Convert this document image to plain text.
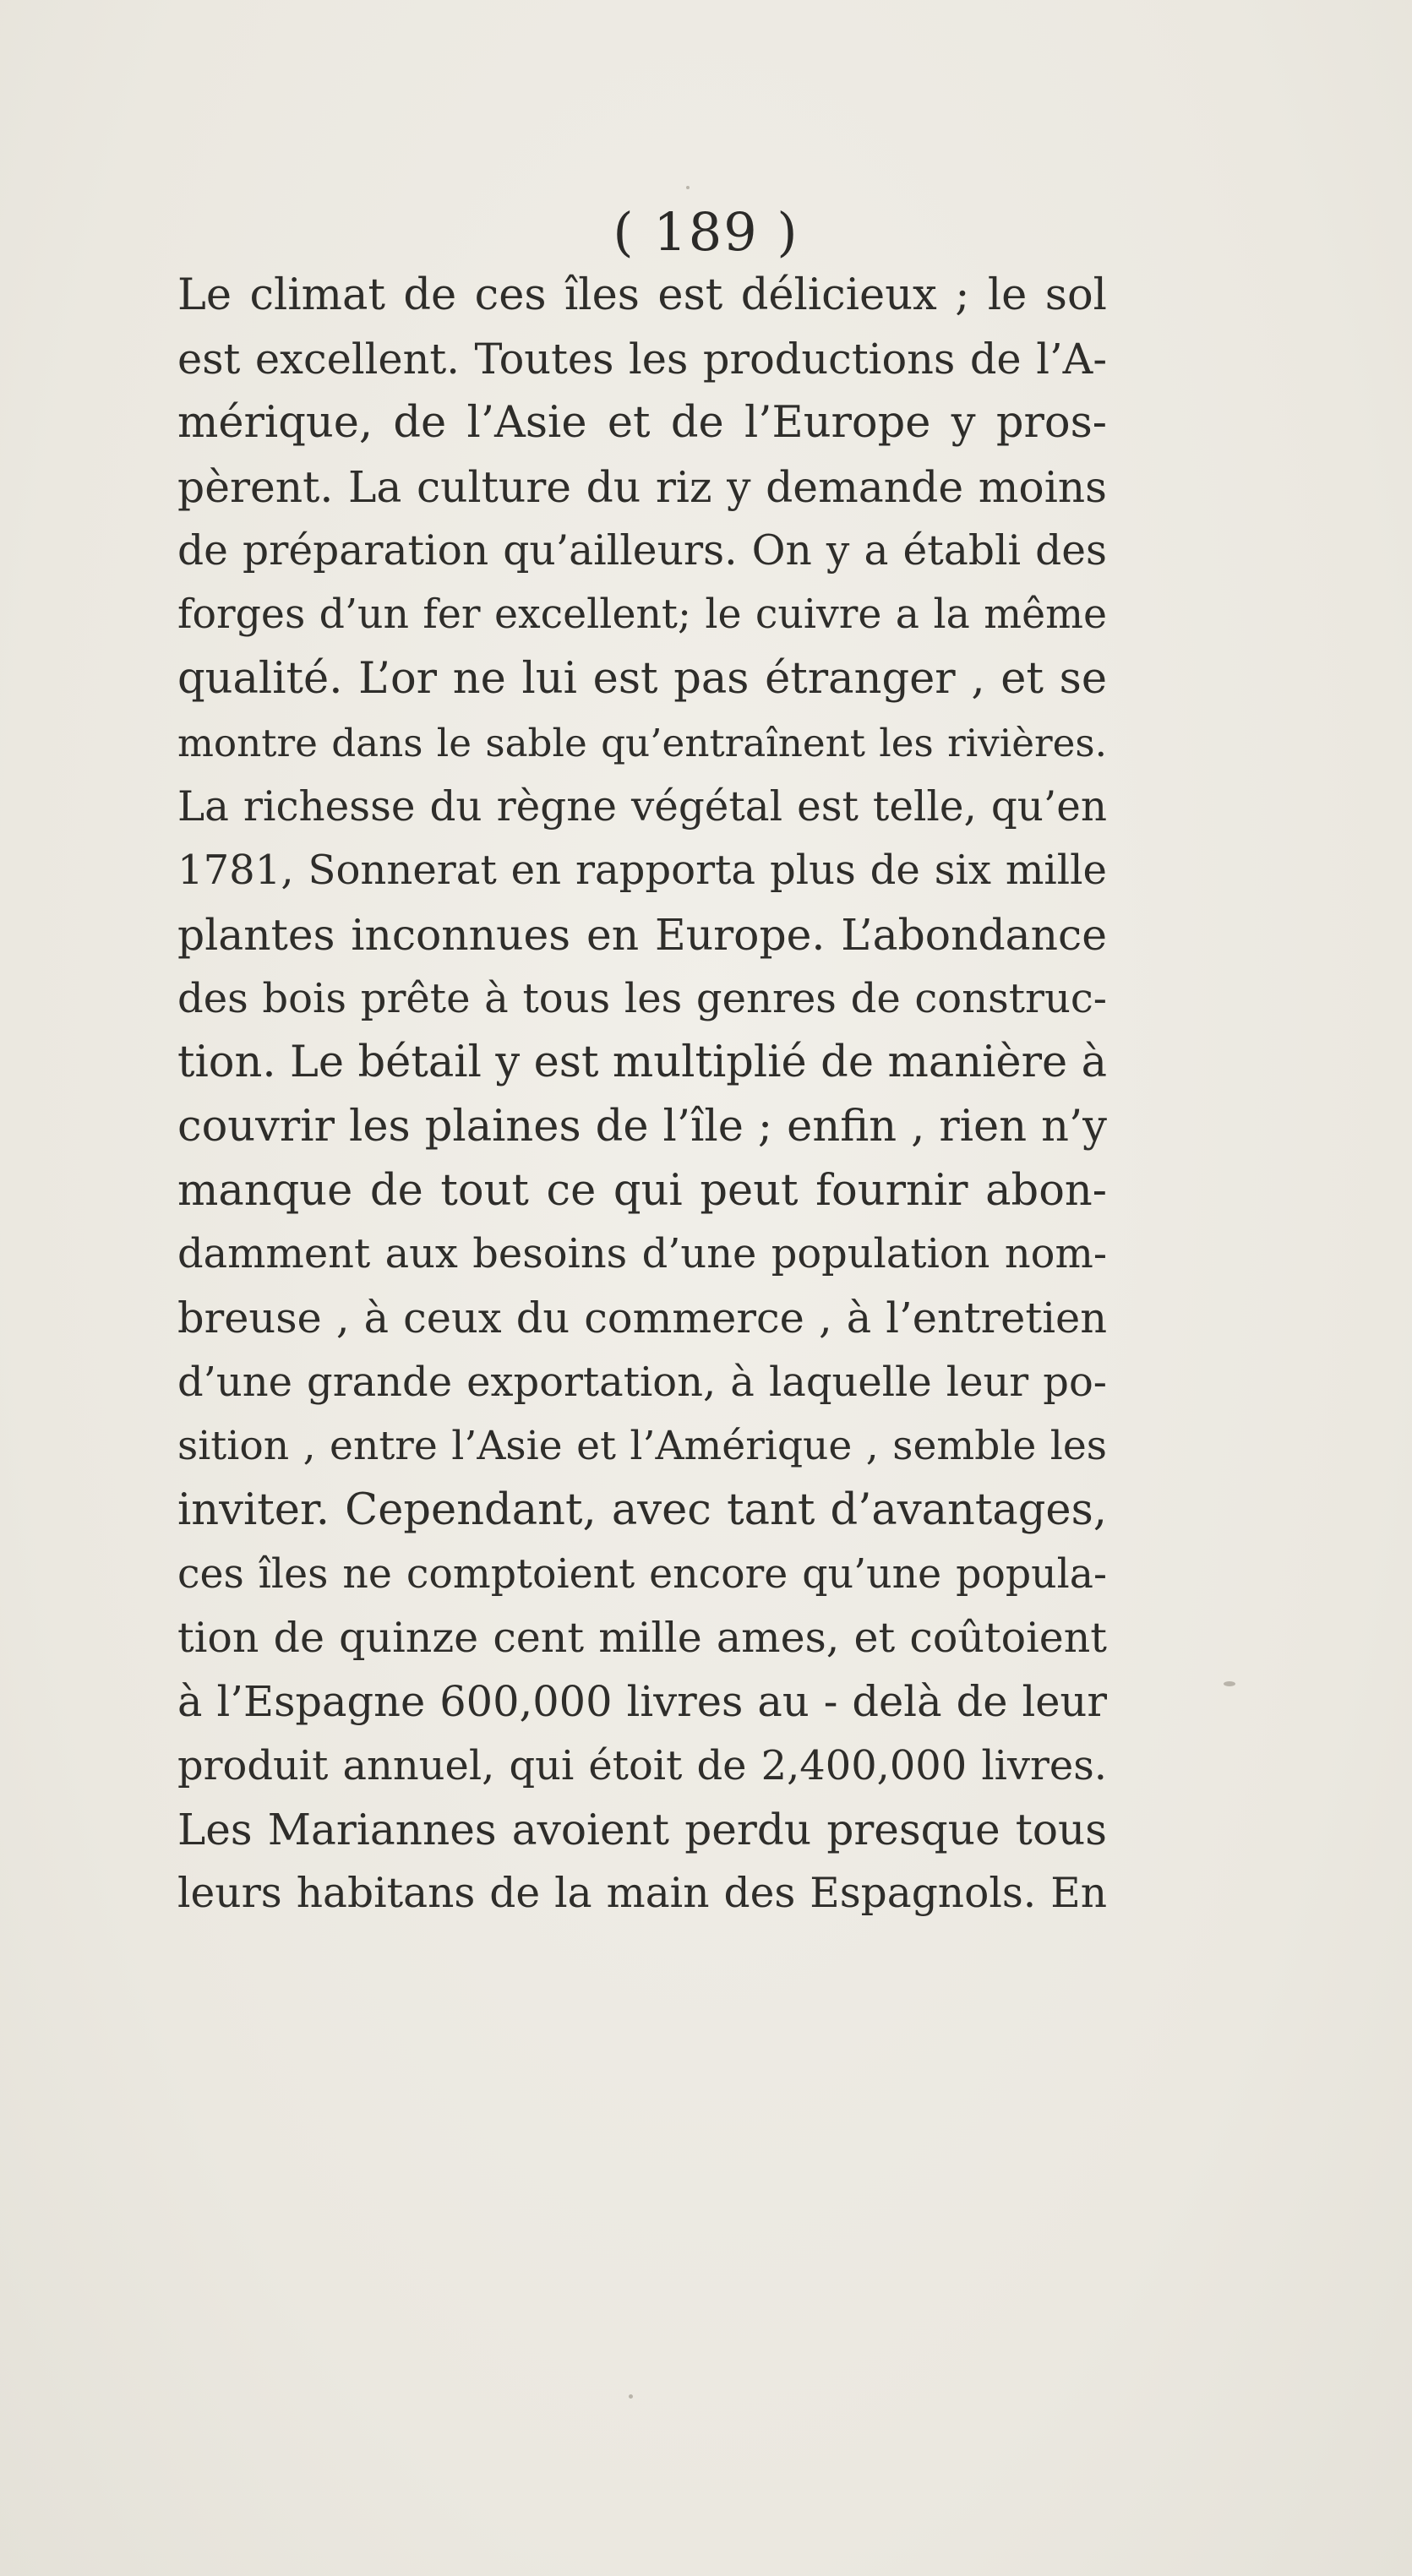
( 189 )
Le climat de ces îles est délicieux ; le sol
est excellent. Toutes les productions de l’A-
mérique, de l’Asie et de l’Europe y pros-
pèrent. La culture du riz y demande moins
de préparation qu’ailleurs. On y a établi des
forges d’un fer excellent; le cuivre a la même
qualité. L’or ne lui est pas étranger , et se
montre dans le sable qu’entraînent les rivières.
La richesse du règne végétal est telle, qu’en
1781, Sonnerat en rapporta plus de six mille
plantes inconnues en Europe. L’abondance
des bois prête à tous les genres de construc-
tion. Le bétail y est multiplié de manière à
couvrir les plaines de l’île ; enfin , rien n’y
manque de tout ce qui peut fournir abon-
damment aux besoins d’une population nom-
breuse , à ceux du commerce , à l’entretien
d’une grande exportation, à laquelle leur po-
sition , entre l’Asie et l’Amérique , semble les
inviter. Cependant, avec tant d’avantages,
ces îles ne comptoient encore qu’une popula-
tion de quinze cent mille ames, et coûtoient
à l’Espagne 600,000 livres au - delà de leur
produit annuel, qui étoit de 2,400,000 livres.
Les Mariannes avoient perdu presque tous
leurs habitans de la main des Espagnols. En
